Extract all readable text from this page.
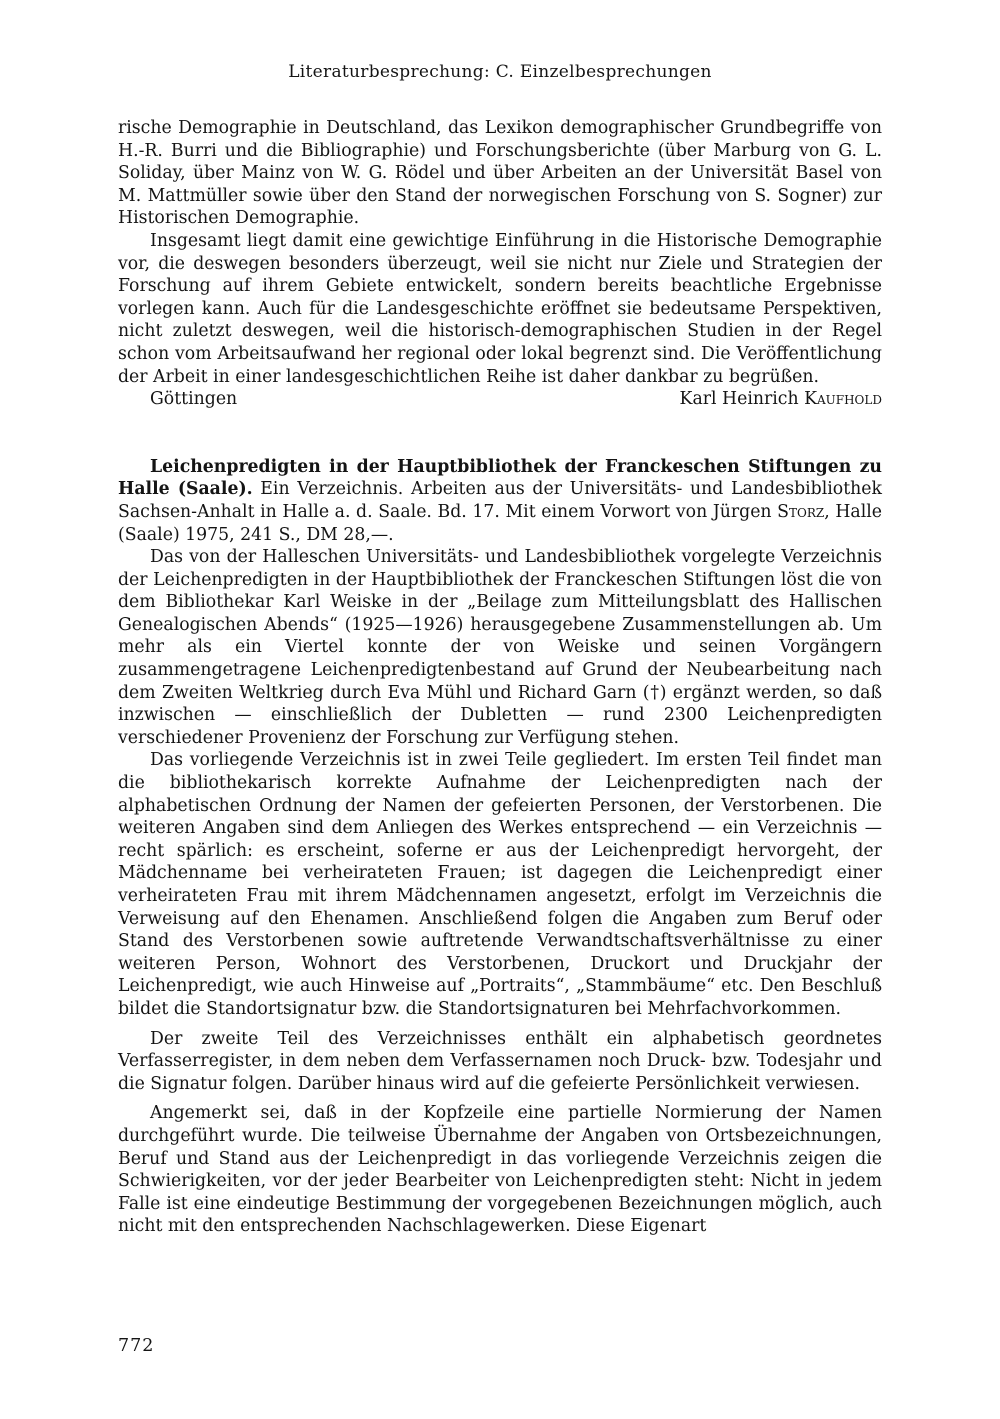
Literaturbesprechung: C. Einzelbesprechungen

rische Demographie in Deutschland, das Lexikon demographischer Grundbegriffe von H.-R. Burri und die Bibliographie) und Forschungsberichte (über Marburg von G. L. Soliday, über Mainz von W. G. Rödel und über Arbeiten an der Universität Basel von M. Mattmüller sowie über den Stand der norwegischen Forschung von S. Sogner) zur Historischen Demographie.

Insgesamt liegt damit eine gewichtige Einführung in die Historische Demographie vor, die deswegen besonders überzeugt, weil sie nicht nur Ziele und Strategien der Forschung auf ihrem Gebiete entwickelt, sondern bereits beachtliche Ergebnisse vorlegen kann. Auch für die Landesgeschichte eröffnet sie bedeutsame Perspektiven, nicht zuletzt deswegen, weil die historisch-demographischen Studien in der Regel schon vom Arbeitsaufwand her regional oder lokal begrenzt sind. Die Veröffentlichung der Arbeit in einer landesgeschichtlichen Reihe ist daher dankbar zu begrüßen.

Göttingen	Karl Heinrich Kaufhold

Leichenpredigten in der Hauptbibliothek der Franckeschen Stiftungen zu Halle (Saale). Ein Verzeichnis. Arbeiten aus der Universitäts- und Landesbibliothek Sachsen-Anhalt in Halle a. d. Saale. Bd. 17. Mit einem Vorwort von Jürgen Storz, Halle (Saale) 1975, 241 S., DM 28,—.

Das von der Halleschen Universitäts- und Landesbibliothek vorgelegte Verzeichnis der Leichenpredigten in der Hauptbibliothek der Franckeschen Stiftungen löst die von dem Bibliothekar Karl Weiske in der „Beilage zum Mitteilungsblatt des Hallischen Genealogischen Abends“ (1925—1926) herausgegebene Zusammenstellungen ab. Um mehr als ein Viertel konnte der von Weiske und seinen Vorgängern zusammengetragene Leichenpredigtenbestand auf Grund der Neubearbeitung nach dem Zweiten Weltkrieg durch Eva Mühl und Richard Garn (†) ergänzt werden, so daß inzwischen — einschließlich der Dubletten — rund 2300 Leichenpredigten verschiedener Provenienz der Forschung zur Verfügung stehen.

Das vorliegende Verzeichnis ist in zwei Teile gegliedert. Im ersten Teil findet man die bibliothekarisch korrekte Aufnahme der Leichenpredigten nach der alphabetischen Ordnung der Namen der gefeierten Personen, der Verstorbenen. Die weiteren Angaben sind dem Anliegen des Werkes entsprechend — ein Verzeichnis — recht spärlich: es erscheint, soferne er aus der Leichenpredigt hervorgeht, der Mädchenname bei verheirateten Frauen; ist dagegen die Leichenpredigt einer verheirateten Frau mit ihrem Mädchennamen angesetzt, erfolgt im Verzeichnis die Verweisung auf den Ehenamen. Anschließend folgen die Angaben zum Beruf oder Stand des Verstorbenen sowie auftretende Verwandtschaftsverhältnisse zu einer weiteren Person, Wohnort des Verstorbenen, Druckort und Druckjahr der Leichenpredigt, wie auch Hinweise auf „Portraits“, „Stammbäume“ etc. Den Beschluß bildet die Standortsignatur bzw. die Standortsignaturen bei Mehrfachvorkommen.

Der zweite Teil des Verzeichnisses enthält ein alphabetisch geordnetes Verfasserregister, in dem neben dem Verfassernamen noch Druck- bzw. Todesjahr und die Signatur folgen. Darüber hinaus wird auf die gefeierte Persönlichkeit verwiesen.

Angemerkt sei, daß in der Kopfzeile eine partielle Normierung der Namen durchgeführt wurde. Die teilweise Übernahme der Angaben von Ortsbezeichnungen, Beruf und Stand aus der Leichenpredigt in das vorliegende Verzeichnis zeigen die Schwierigkeiten, vor der jeder Bearbeiter von Leichenpredigten steht: Nicht in jedem Falle ist eine eindeutige Bestimmung der vorgegebenen Bezeichnungen möglich, auch nicht mit den entsprechenden Nachschlagewerken. Diese Eigenart

772
